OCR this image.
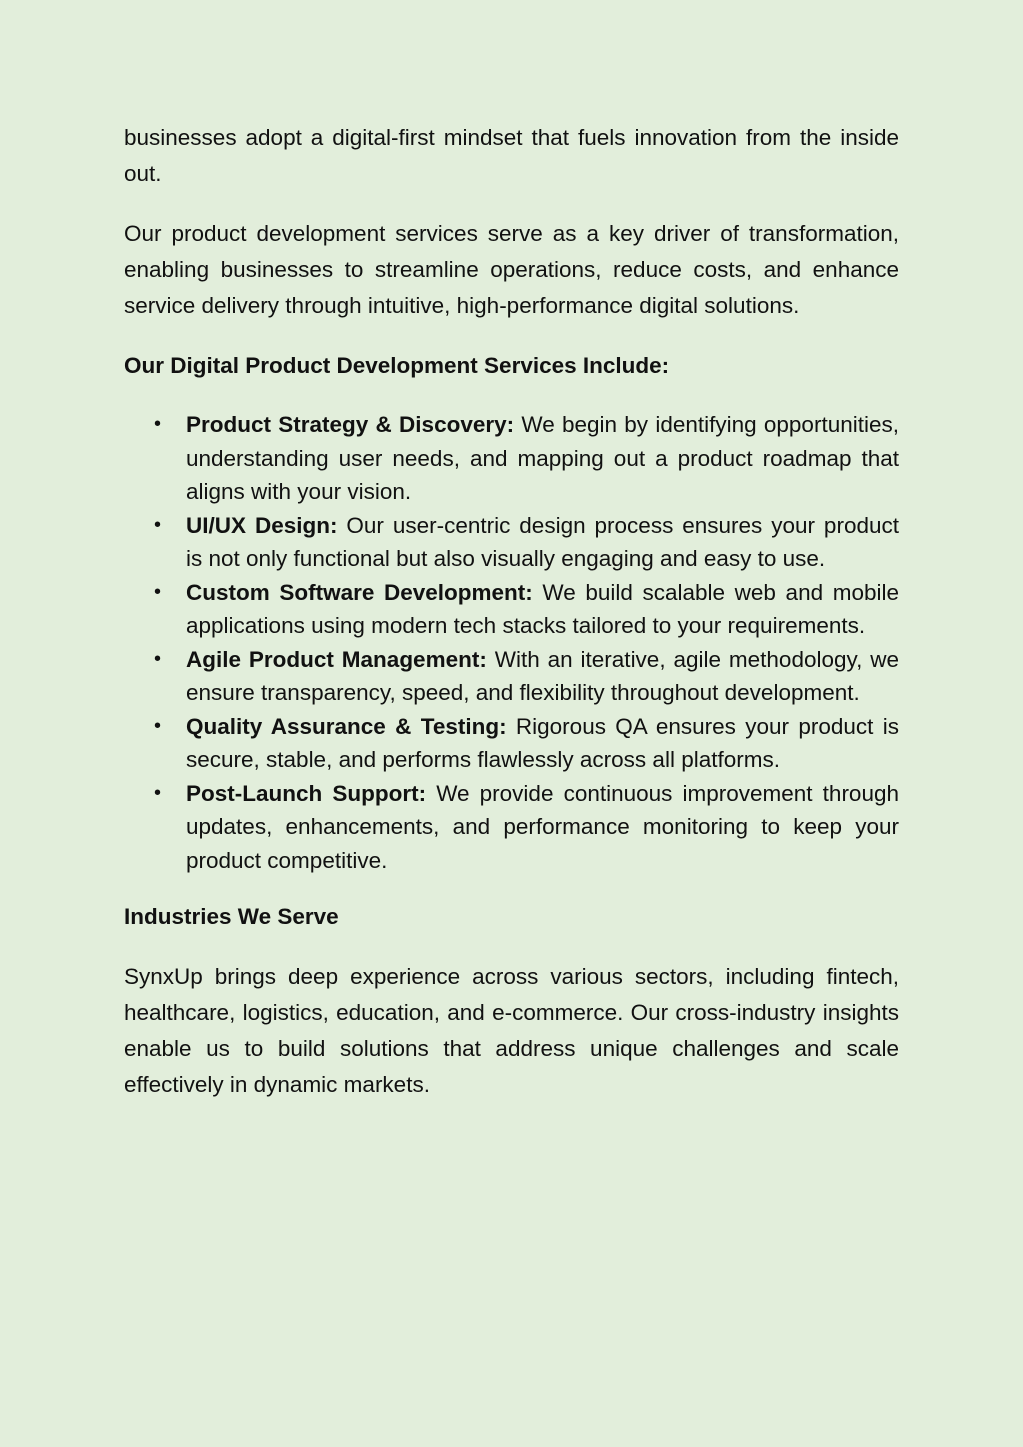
businesses adopt a digital-first mindset that fuels innovation from the inside out.

Our product development services serve as a key driver of transformation, enabling businesses to streamline operations, reduce costs, and enhance service delivery through intuitive, high-performance digital solutions.

Our Digital Product Development Services Include:

• Product Strategy & Discovery: We begin by identifying opportunities, understanding user needs, and mapping out a product roadmap that aligns with your vision.
• UI/UX Design: Our user-centric design process ensures your product is not only functional but also visually engaging and easy to use.
• Custom Software Development: We build scalable web and mobile applications using modern tech stacks tailored to your requirements.
• Agile Product Management: With an iterative, agile methodology, we ensure transparency, speed, and flexibility throughout development.
• Quality Assurance & Testing: Rigorous QA ensures your product is secure, stable, and performs flawlessly across all platforms.
• Post-Launch Support: We provide continuous improvement through updates, enhancements, and performance monitoring to keep your product competitive.

Industries We Serve

SynxUp brings deep experience across various sectors, including fintech, healthcare, logistics, education, and e-commerce. Our cross-industry insights enable us to build solutions that address unique challenges and scale effectively in dynamic markets.
